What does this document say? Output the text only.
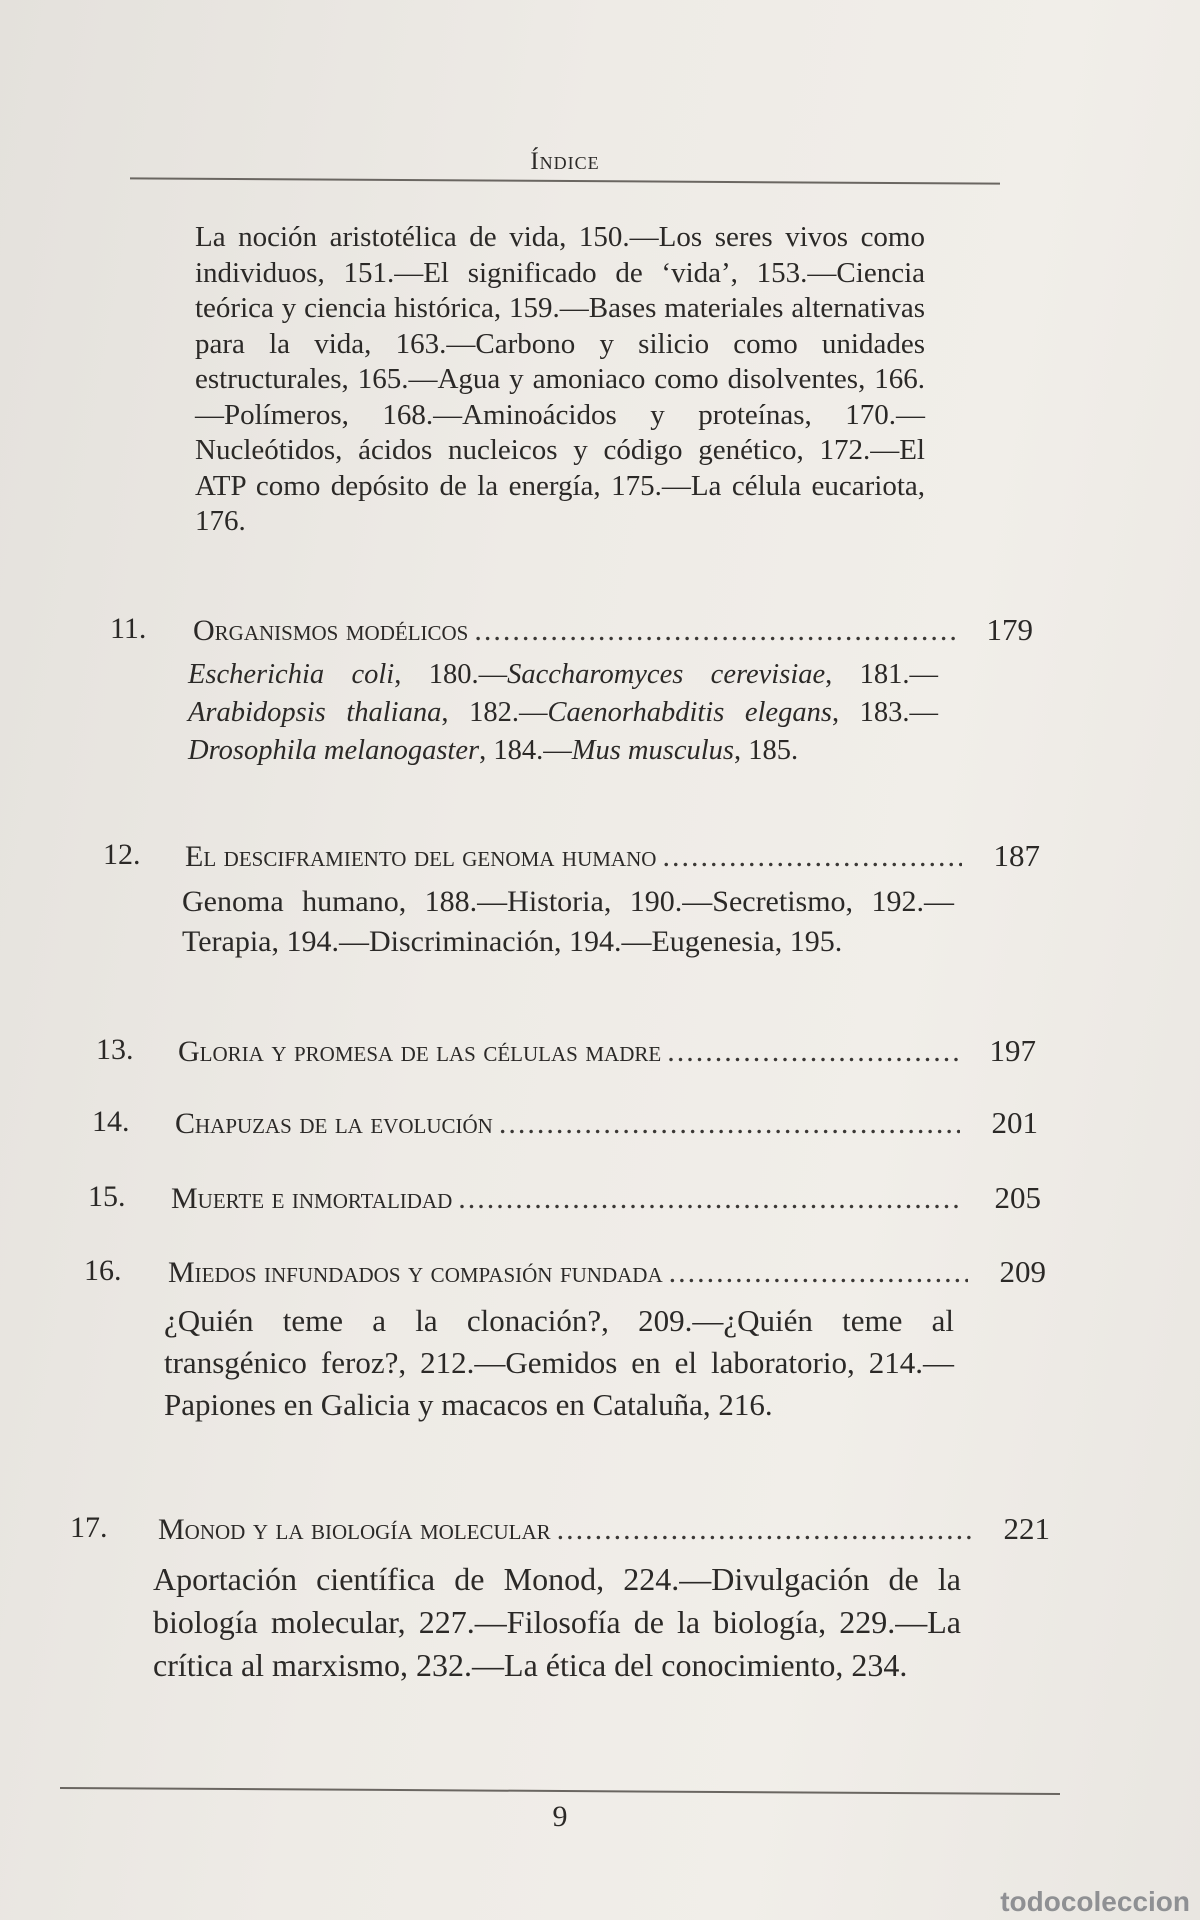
Índice

La noción aristotélica de vida, 150.—Los seres vivos como individuos, 151.—El significado de ‘vida’, 153.—Ciencia teórica y ciencia histórica, 159.—Bases materiales alternativas para la vida, 163.—Carbono y silicio como unidades estructurales, 165.—Agua y amoniaco como disolventes, 166.—Polímeros, 168.—Aminoácidos y proteínas, 170.—Nucleótidos, ácidos nucleicos y código genético, 172.—El ATP como depósito de la energía, 175.—La célula eucariota, 176.

11. Organismos modélicos .....	179
Escherichia coli, 180.—Saccharomyces cerevisiae, 181.—Arabidopsis thaliana, 182.—Caenorhabditis elegans, 183.—Drosophila melanogaster, 184.—Mus musculus, 185.
12. El desciframiento del genoma humano .....	187
Genoma humano, 188.—Historia, 190.—Secretismo, 192.—Terapia, 194.—Discriminación, 194.—Eugenesia, 195.
13. Gloria y promesa de las células madre .....	197
14. Chapuzas de la evolución .....	201
15. Muerte e inmortalidad .....	205
16. Miedos infundados y compasión fundada .....	209
¿Quién teme a la clonación?, 209.—¿Quién teme al transgénico feroz?, 212.—Gemidos en el laboratorio, 214.—Papiones en Galicia y macacos en Cataluña, 216.
17. Monod y la biología molecular .....	221
Aportación científica de Monod, 224.—Divulgación de la biología molecular, 227.—Filosofía de la biología, 229.—La crítica al marxismo, 232.—La ética del conocimiento, 234.
9
todocoleccion
